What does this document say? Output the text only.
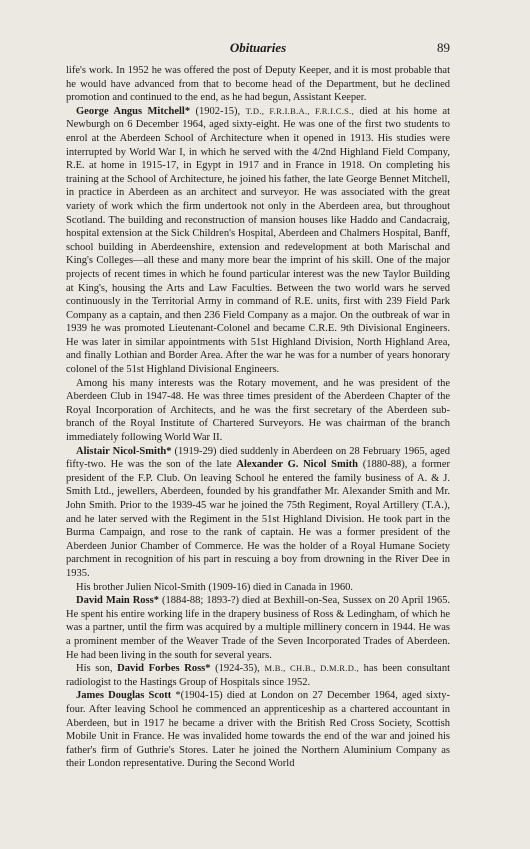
Obituaries	89

life's work. In 1952 he was offered the post of Deputy Keeper, and it is most probable that he would have advanced from that to become head of the Department, but he declined promotion and continued to the end, as he had begun, Assistant Keeper.

George Angus Mitchell* (1902-15), T.D., F.R.I.B.A., F.R.I.C.S., died at his home at Newburgh on 6 December 1964, aged sixty-eight. He was one of the first two students to enrol at the Aberdeen School of Architecture when it opened in 1913. His studies were interrupted by World War I, in which he served with the 4/2nd Highland Field Company, R.E. at home in 1915-17, in Egypt in 1917 and in France in 1918. On completing his training at the School of Architecture, he joined his father, the late George Bennet Mitchell, in practice in Aberdeen as an architect and surveyor. He was associated with the great variety of work which the firm undertook not only in the Aberdeen area, but throughout Scotland. The building and reconstruction of mansion houses like Haddo and Candacraig, hospital extension at the Sick Children's Hospital, Aberdeen and Chalmers Hospital, Banff, school building in Aberdeenshire, extension and redevelopment at both Marischal and King's Colleges—all these and many more bear the imprint of his skill. One of the major projects of recent times in which he found particular interest was the new Taylor Building at King's, housing the Arts and Law Faculties. Between the two world wars he served continuously in the Territorial Army in command of R.E. units, first with 239 Field Park Company as a captain, and then 236 Field Company as a major. On the outbreak of war in 1939 he was promoted Lieutenant-Colonel and became C.R.E. 9th Divisional Engineers. He was later in similar appointments with 51st Highland Division, North Highland Area, and finally Lothian and Border Area. After the war he was for a number of years honorary colonel of the 51st Highland Divisional Engineers.

Among his many interests was the Rotary movement, and he was president of the Aberdeen Club in 1947-48. He was three times president of the Aberdeen Chapter of the Royal Incorporation of Architects, and he was the first secretary of the Aberdeen sub-branch of the Royal Institute of Chartered Surveyors. He was chairman of the branch immediately following World War II.

Alistair Nicol-Smith* (1919-29) died suddenly in Aberdeen on 28 February 1965, aged fifty-two. He was the son of the late Alexander G. Nicol Smith (1880-88), a former president of the F.P. Club. On leaving School he entered the family business of A. & J. Smith Ltd., jewellers, Aberdeen, founded by his grandfather Mr. Alexander Smith and Mr. John Smith. Prior to the 1939-45 war he joined the 75th Regiment, Royal Artillery (T.A.), and he later served with the Regiment in the 51st Highland Division. He took part in the Burma Campaign, and rose to the rank of captain. He was a former president of the Aberdeen Junior Chamber of Commerce. He was the holder of a Royal Humane Society parchment in recognition of his part in rescuing a boy from drowning in the River Dee in 1935.

His brother Julien Nicol-Smith (1909-16) died in Canada in 1960.

David Main Ross* (1884-88; 1893-?) died at Bexhill-on-Sea, Sussex on 20 April 1965. He spent his entire working life in the drapery business of Ross & Ledingham, of which he was a partner, until the firm was acquired by a multiple millinery concern in 1944. He was a prominent member of the Weaver Trade of the Seven Incorporated Trades of Aberdeen. He had been living in the south for several years.

His son, David Forbes Ross* (1924-35), M.B., CH.B., D.M.R.D., has been consultant radiologist to the Hastings Group of Hospitals since 1952.

James Douglas Scott *(1904-15) died at London on 27 December 1964, aged sixty-four. After leaving School he commenced an apprenticeship as a chartered accountant in Aberdeen, but in 1917 he became a driver with the British Red Cross Society, Scottish Mobile Unit in France. He was invalided home towards the end of the war and joined his father's firm of Guthrie's Stores. Later he joined the Northern Aluminium Company as their London representative. During the Second World
